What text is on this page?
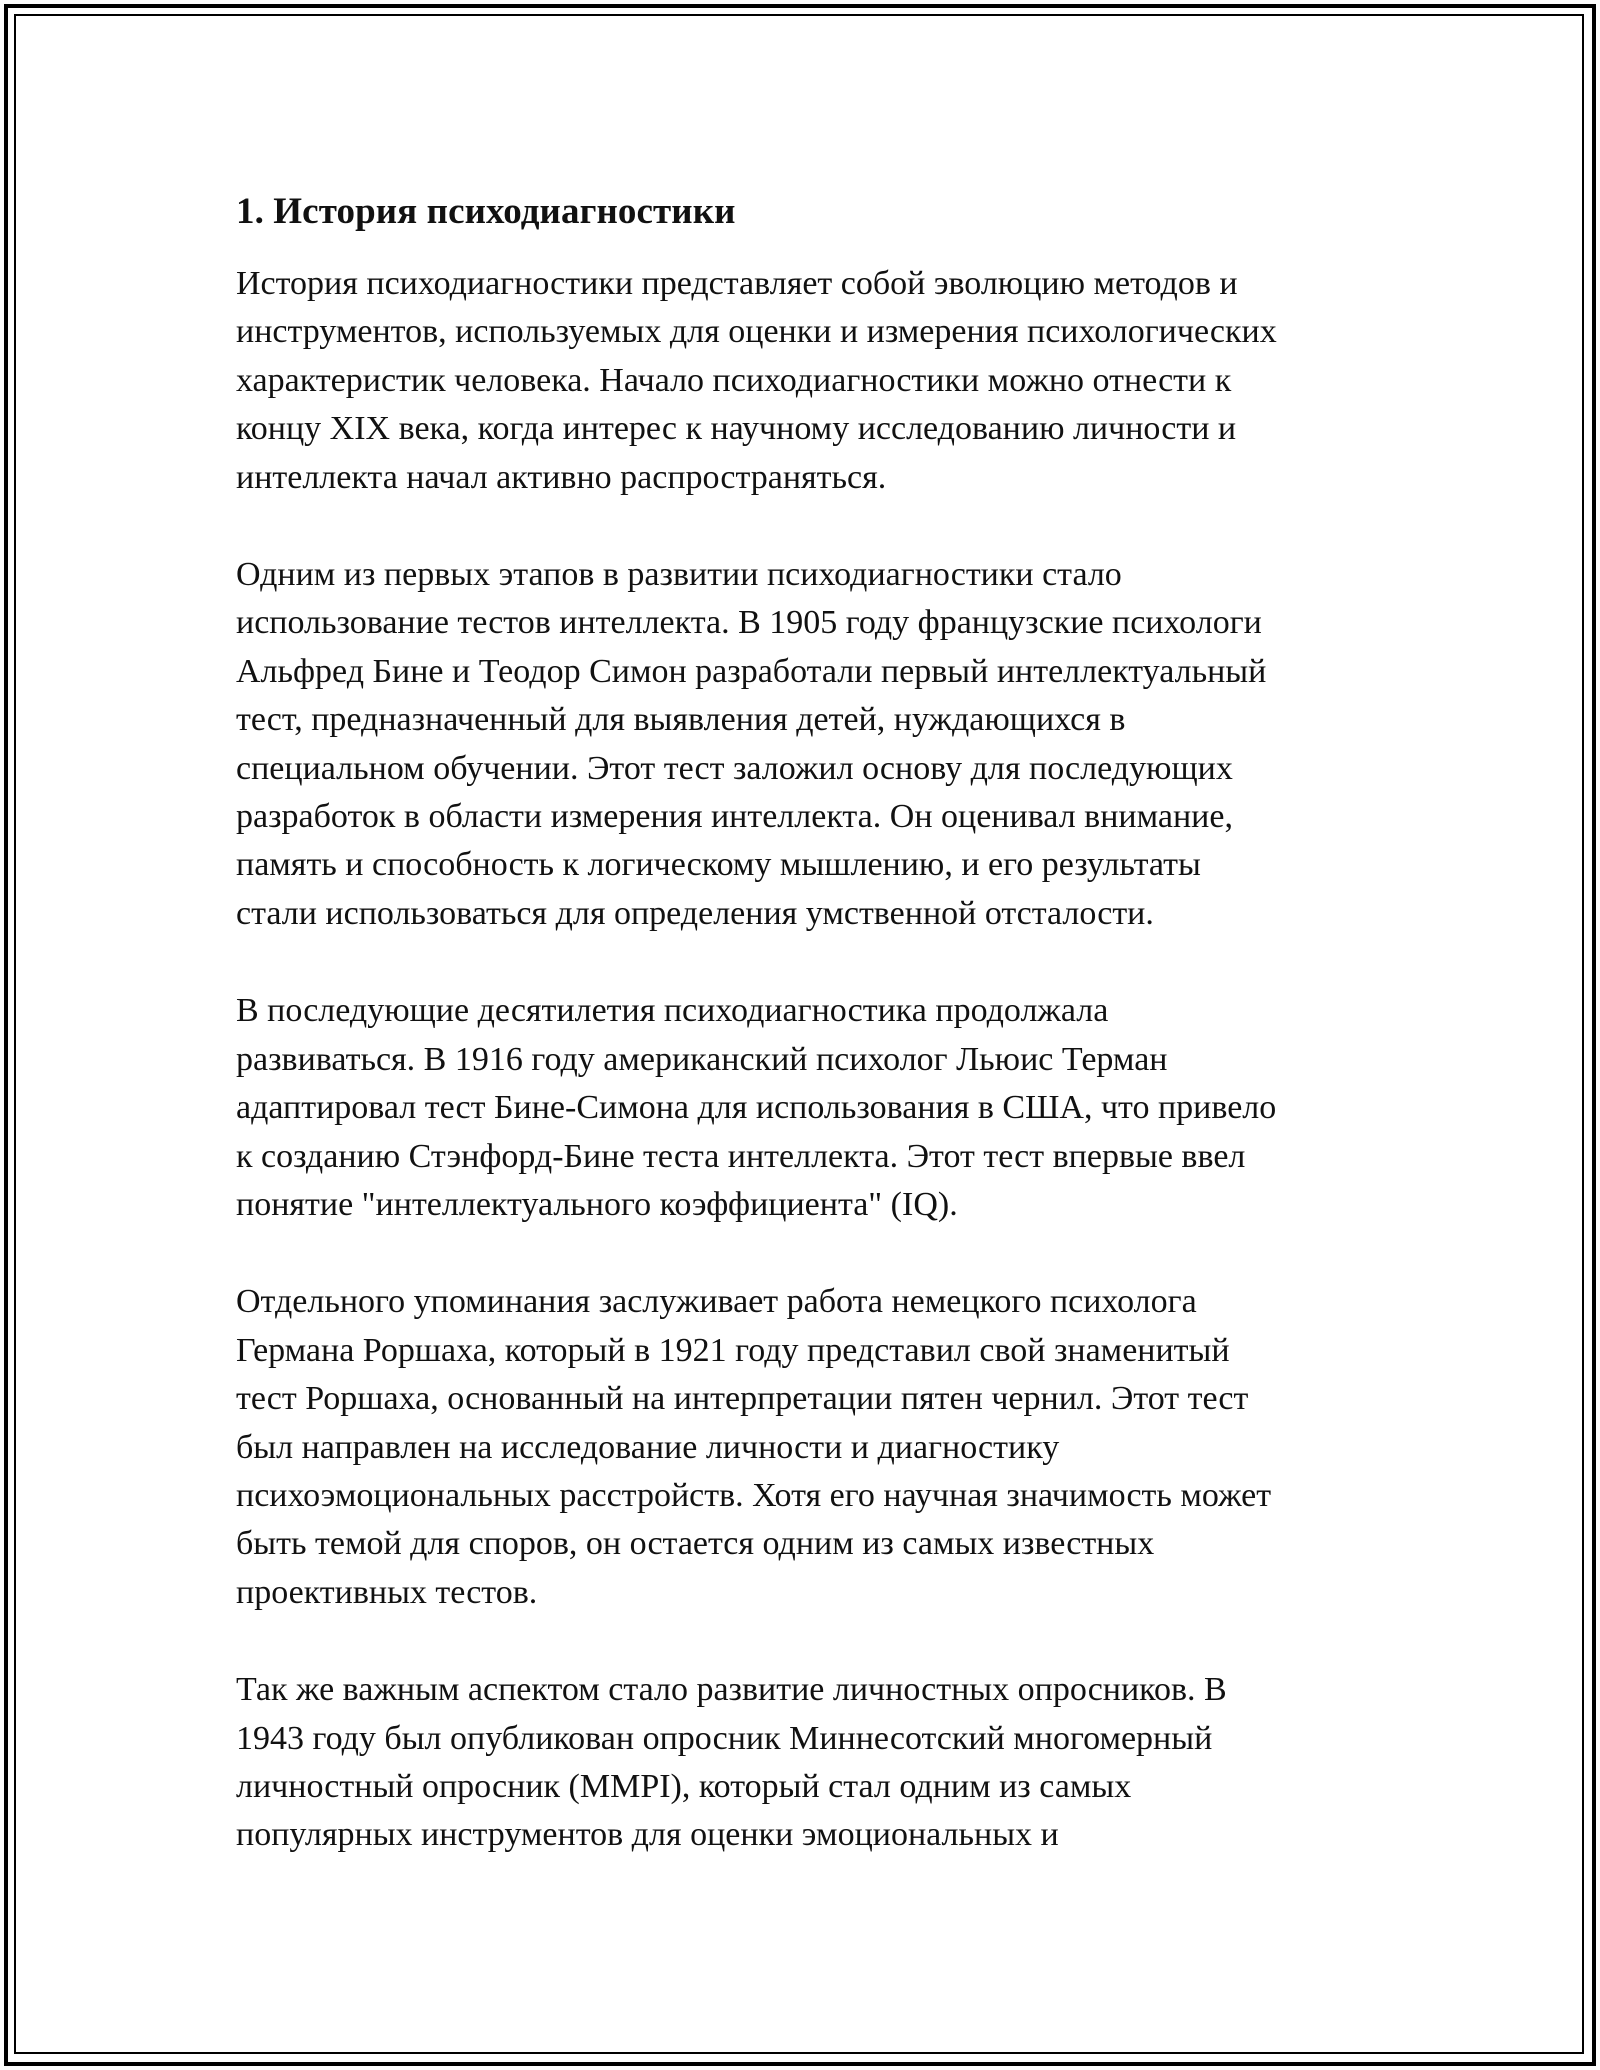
1. История психодиагностики

История психодиагностики представляет собой эволюцию методов и
инструментов, используемых для оценки и измерения психологических
характеристик человека. Начало психодиагностики можно отнести к
концу XIX века, когда интерес к научному исследованию личности и
интеллекта начал активно распространяться.

Одним из первых этапов в развитии психодиагностики стало
использование тестов интеллекта. В 1905 году французские психологи
Альфред Бине и Теодор Симон разработали первый интеллектуальный
тест, предназначенный для выявления детей, нуждающихся в
специальном обучении. Этот тест заложил основу для последующих
разработок в области измерения интеллекта. Он оценивал внимание,
память и способность к логическому мышлению, и его результаты
стали использоваться для определения умственной отсталости.

В последующие десятилетия психодиагностика продолжала
развиваться. В 1916 году американский психолог Льюис Терман
адаптировал тест Бине-Симона для использования в США, что привело
к созданию Стэнфорд-Бине теста интеллекта. Этот тест впервые ввел
понятие "интеллектуального коэффициента" (IQ).

Отдельного упоминания заслуживает работа немецкого психолога
Германа Роршаха, который в 1921 году представил свой знаменитый
тест Роршаха, основанный на интерпретации пятен чернил. Этот тест
был направлен на исследование личности и диагностику
психоэмоциональных расстройств. Хотя его научная значимость может
быть темой для споров, он остается одним из самых известных
проективных тестов.

Так же важным аспектом стало развитие личностных опросников. В
1943 году был опубликован опросник Миннесотский многомерный
личностный опросник (MMPI), который стал одним из самых
популярных инструментов для оценки эмоциональных и
